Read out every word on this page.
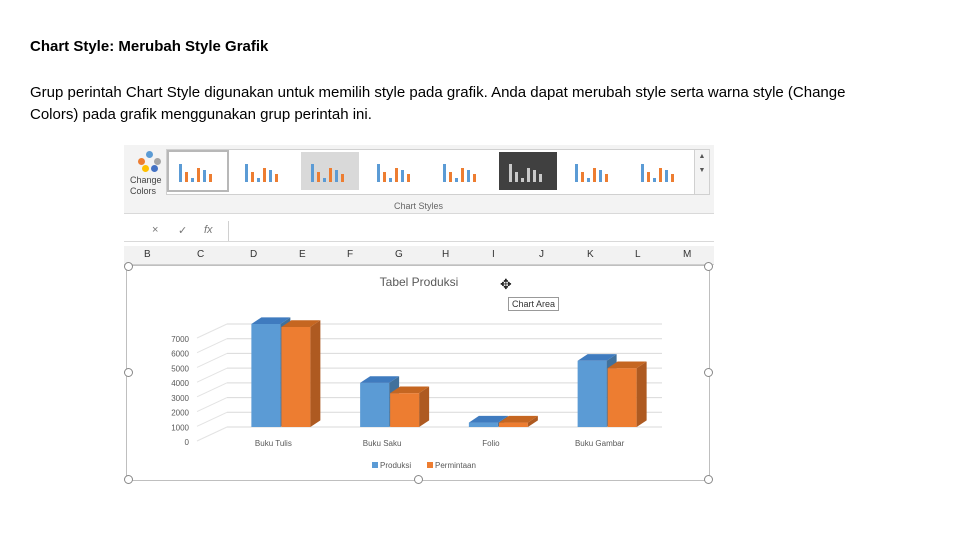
Chart Style: Merubah Style Grafik
Grup perintah Chart Style digunakan untuk memilih style pada grafik. Anda dapat merubah style serta warna style (Change Colors) pada grafik menggunakan grup perintah ini.
Change Colors
▲
▼
Chart Styles
× ✓ fx
B	C	D	E	F	G	H	I	J	K	L	M
Tabel Produksi
0
1000
2000
3000
4000
5000
6000
7000
Buku Tulis	Buku Saku	Folio	Buku Gambar
Produksi	Permintaan
✥
Chart Area
